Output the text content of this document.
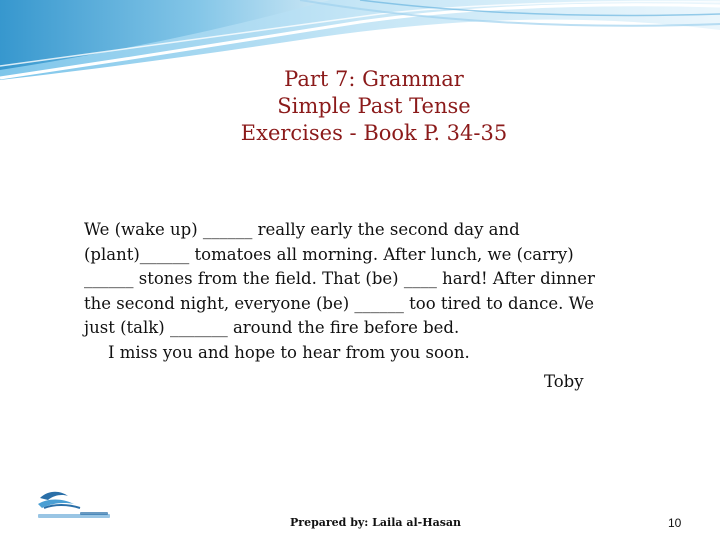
Part 7: Grammar
Simple Past Tense
Exercises - Book P. 34-35
We (wake up) ______ really early the second day and
(plant)______ tomatoes all morning. After lunch, we (carry)
______ stones from the field. That (be) ____ hard! After dinner
the second night, everyone (be) ______ too tired to dance. We
just (talk) _______ around the fire before bed.
I miss you and hope to hear from you soon.
Toby
Prepared by: Laila al-Hasan	10
